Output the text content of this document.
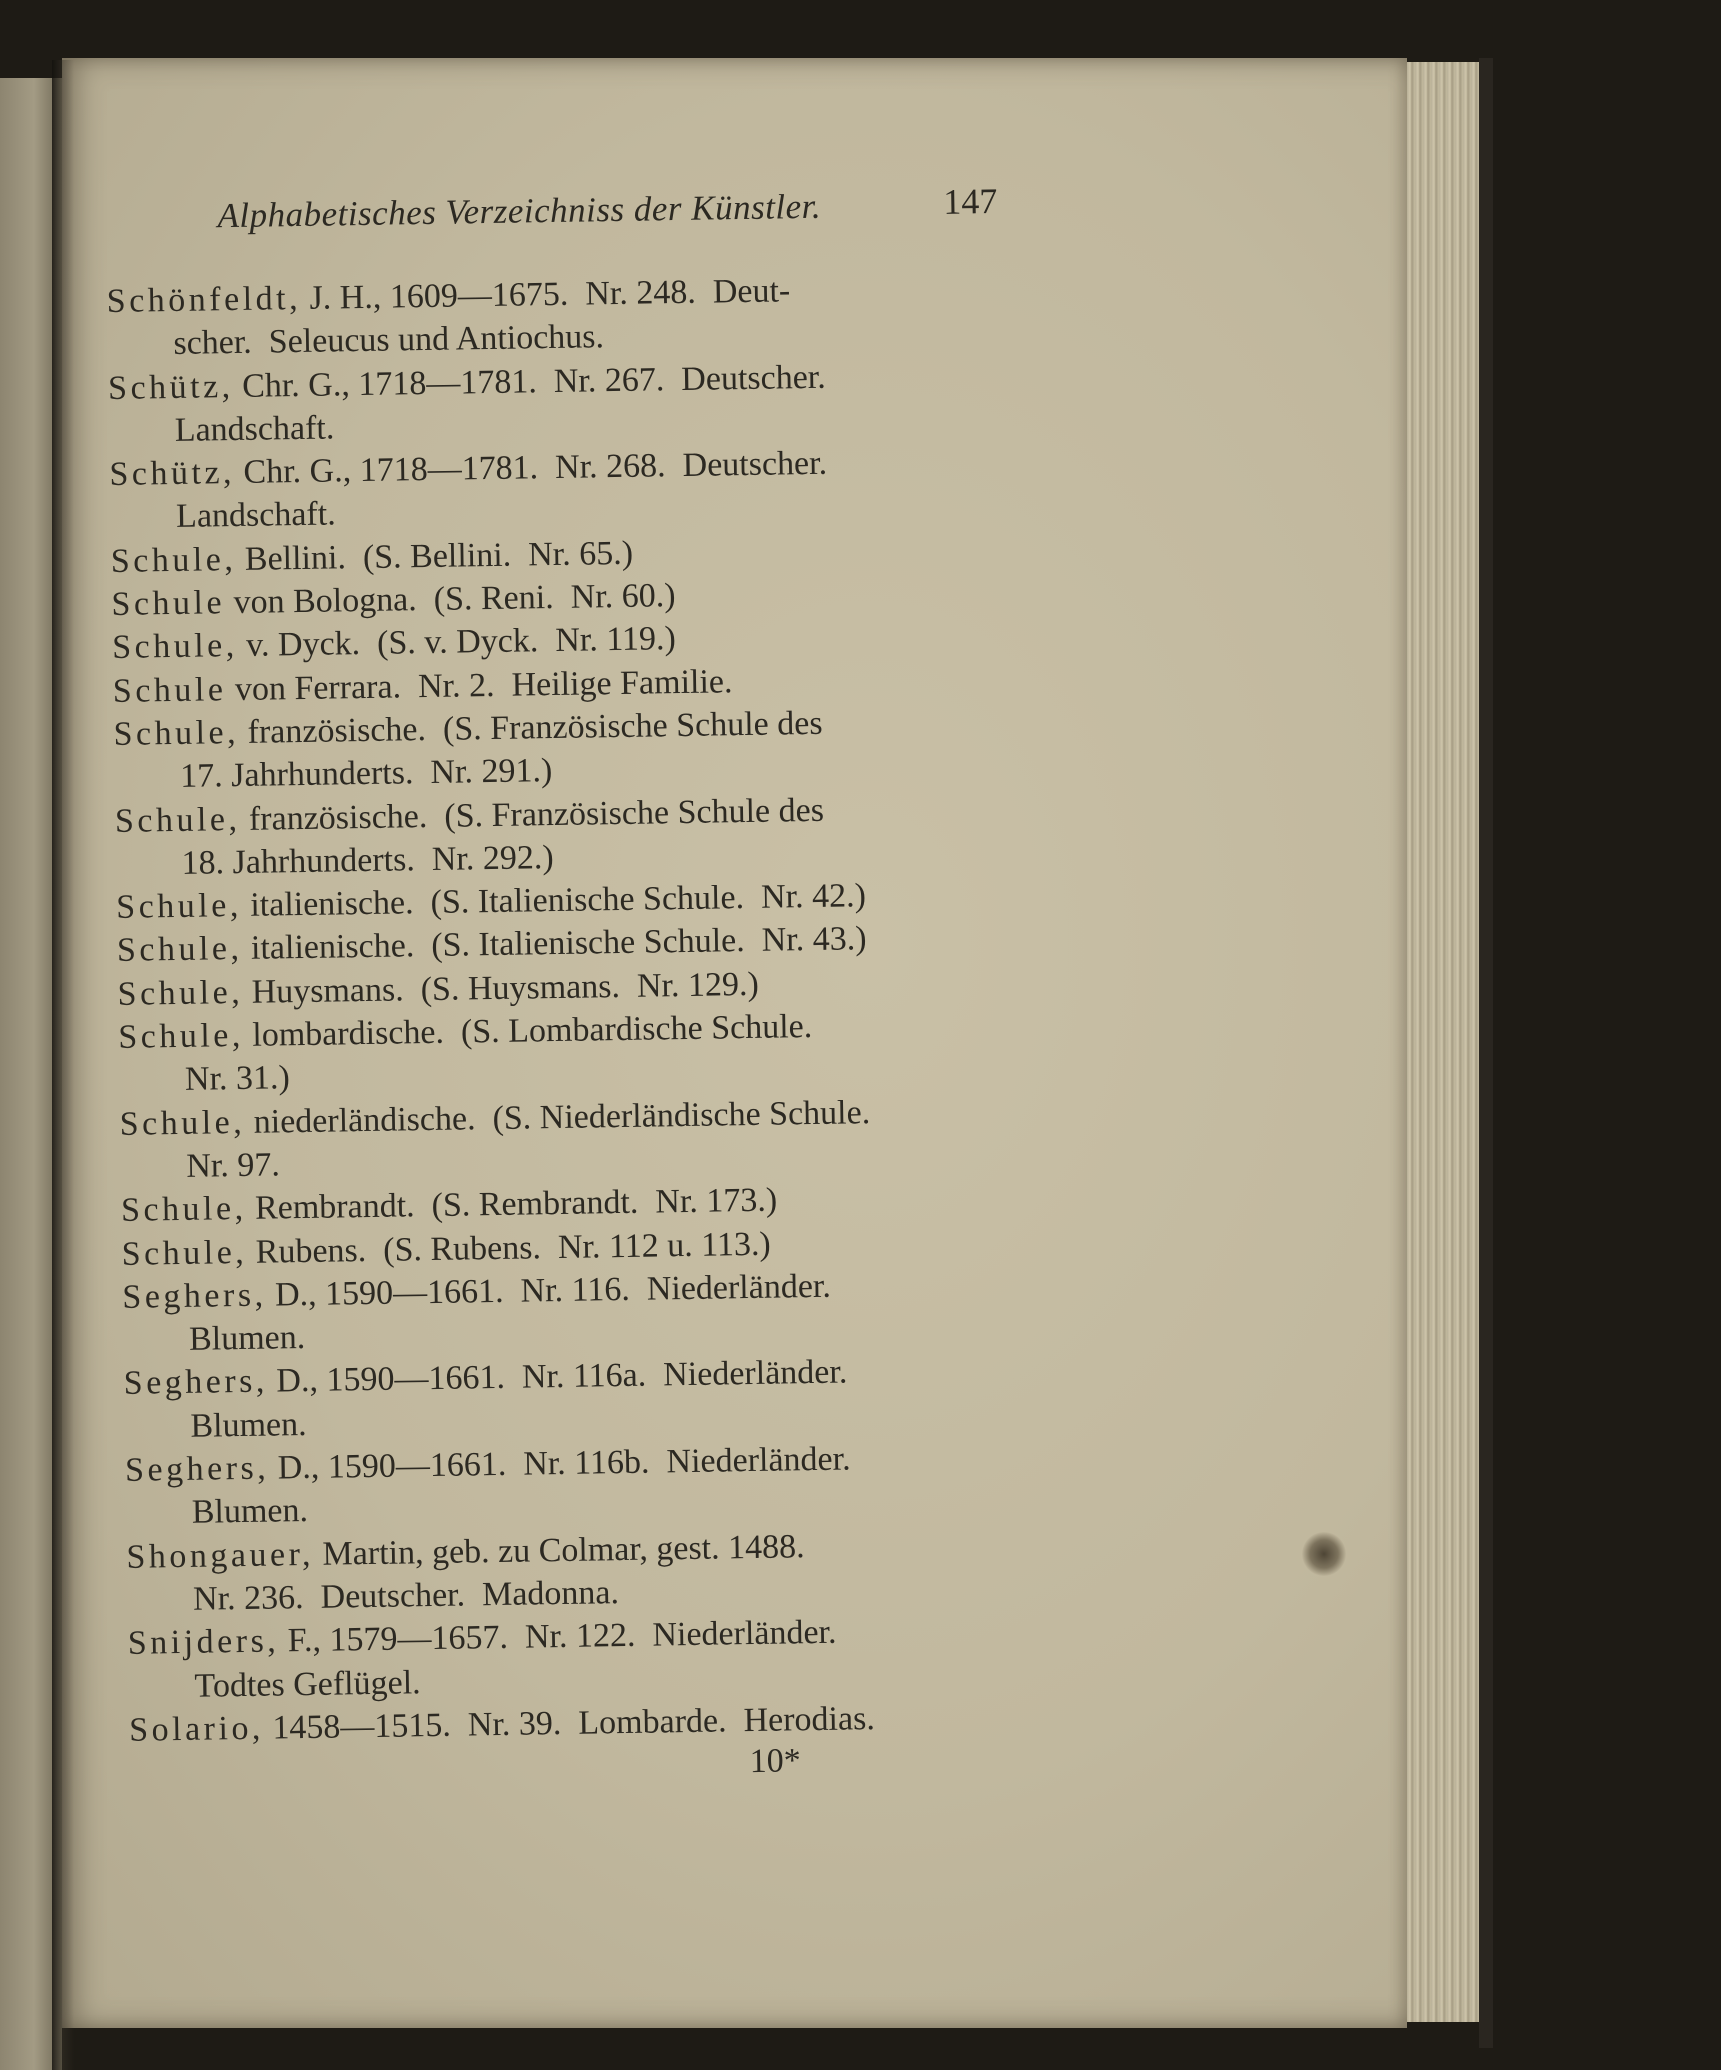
Alphabetisches Verzeichniss der Künstler.	147
Schönfeldt, J. H., 1609—1675.  Nr. 248.  Deut-
scher.  Seleucus und Antiochus.
Schütz, Chr. G., 1718—1781.  Nr. 267.  Deutscher.
Landschaft.
Schütz, Chr. G., 1718—1781.  Nr. 268.  Deutscher.
Landschaft.
Schule, Bellini.  (S. Bellini.  Nr. 65.)
Schule von Bologna.  (S. Reni.  Nr. 60.)
Schule, v. Dyck.  (S. v. Dyck.  Nr. 119.)
Schule von Ferrara.  Nr. 2.  Heilige Familie.
Schule, französische.  (S. Französische Schule des
17. Jahrhunderts.  Nr. 291.)
Schule, französische.  (S. Französische Schule des
18. Jahrhunderts.  Nr. 292.)
Schule, italienische.  (S. Italienische Schule.  Nr. 42.)
Schule, italienische.  (S. Italienische Schule.  Nr. 43.)
Schule, Huysmans.  (S. Huysmans.  Nr. 129.)
Schule, lombardische.  (S. Lombardische Schule.
Nr. 31.)
Schule, niederländische.  (S. Niederländische Schule.
Nr. 97.
Schule, Rembrandt.  (S. Rembrandt.  Nr. 173.)
Schule, Rubens.  (S. Rubens.  Nr. 112 u. 113.)
Seghers, D., 1590—1661.  Nr. 116.  Niederländer.
Blumen.
Seghers, D., 1590—1661.  Nr. 116a.  Niederländer.
Blumen.
Seghers, D., 1590—1661.  Nr. 116b.  Niederländer.
Blumen.
Shongauer, Martin, geb. zu Colmar, gest. 1488.
Nr. 236.  Deutscher.  Madonna.
Snijders, F., 1579—1657.  Nr. 122.  Niederländer.
Todtes Geflügel.
Solario, 1458—1515.  Nr. 39.  Lombarde.  Herodias.
10*
